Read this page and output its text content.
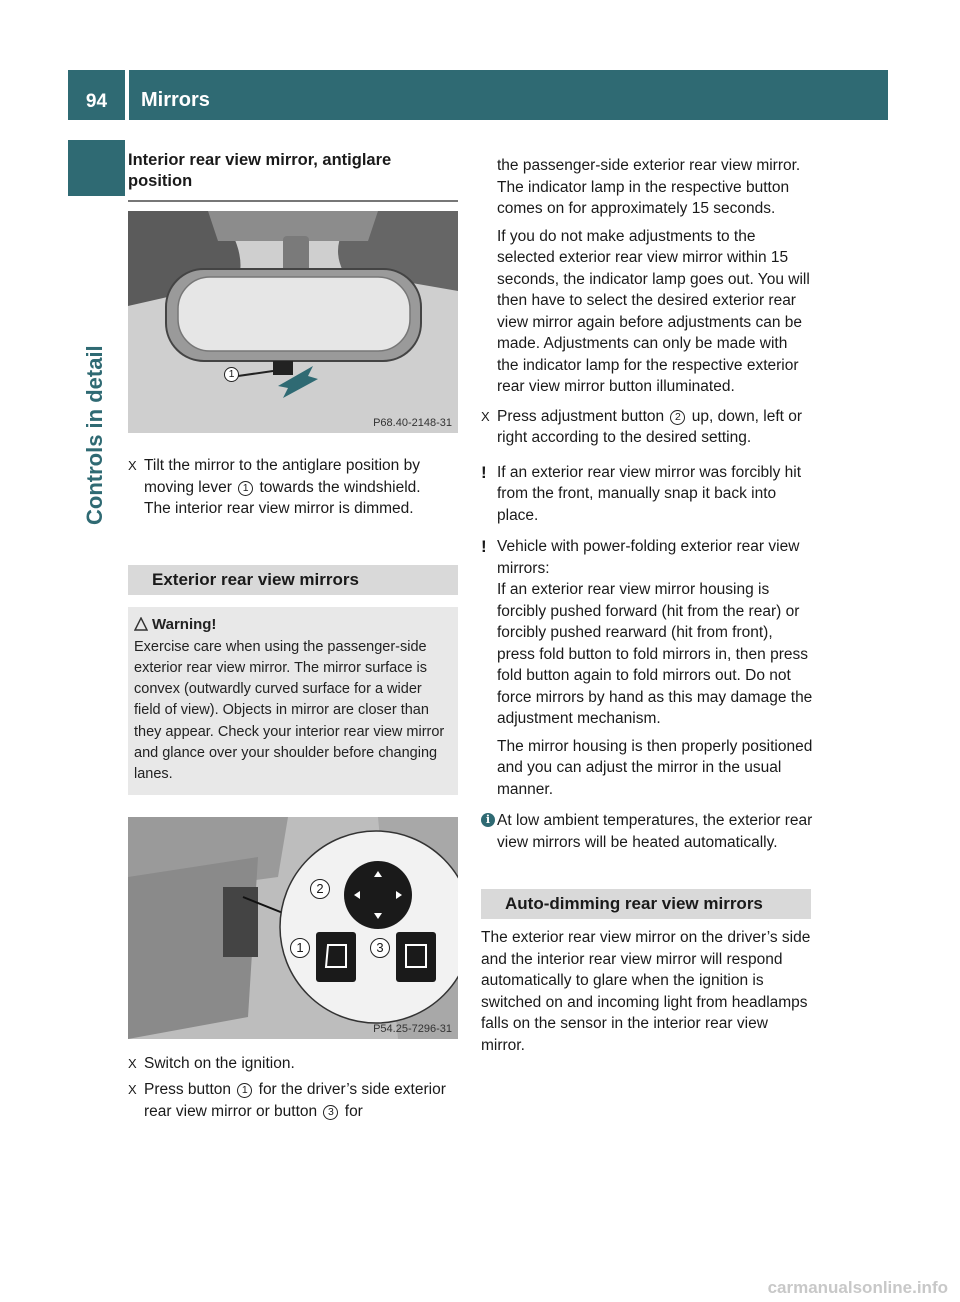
94	Mirrors
Controls in detail
Interior rear view mirror, antiglare position
1
P68.40-2148-31
X Tilt the mirror to the antiglare position by moving lever 1 towards the windshield.
The interior rear view mirror is dimmed.
Exterior rear view mirrors
Warning!

Exercise care when using the passenger-side exterior rear view mirror. The mirror surface is convex (outwardly curved surface for a wider field of view). Objects in mirror are closer than they appear. Check your interior rear view mirror and glance over your shoulder before changing lanes.

2
1	3
P54.25-7296-31
X Switch on the ignition.
X Press button 1 for the driver’s side exterior rear view mirror or button 3 for

the passenger-side exterior rear view mirror.

The indicator lamp in the respective button comes on for approximately 15 seconds.

If you do not make adjustments to the selected exterior rear view mirror within 15 seconds, the indicator lamp goes out. You will then have to select the desired exterior rear view mirror again before adjustments can be made. Adjustments can only be made with the indicator lamp for the respective exterior rear view mirror button illuminated.

X Press adjustment button 2 up, down, left or right according to the desired setting.
! If an exterior rear view mirror was forcibly hit from the front, manually snap it back into place.
! Vehicle with power-folding exterior rear view mirrors:
If an exterior rear view mirror housing is forcibly pushed forward (hit from the rear) or forcibly pushed rearward (hit from front), press fold button to fold mirrors in, then press fold button again to fold mirrors out. Do not force mirrors by hand as this may damage the adjustment mechanism.

The mirror housing is then properly positioned and you can adjust the mirror in the usual manner.

i At low ambient temperatures, the exterior rear view mirrors will be heated automatically.
Auto-dimming rear view mirrors

The exterior rear view mirror on the driver’s side and the interior rear view mirror will respond automatically to glare when the ignition is switched on and incoming light from headlamps falls on the sensor in the interior rear view mirror.

carmanualsonline.info
